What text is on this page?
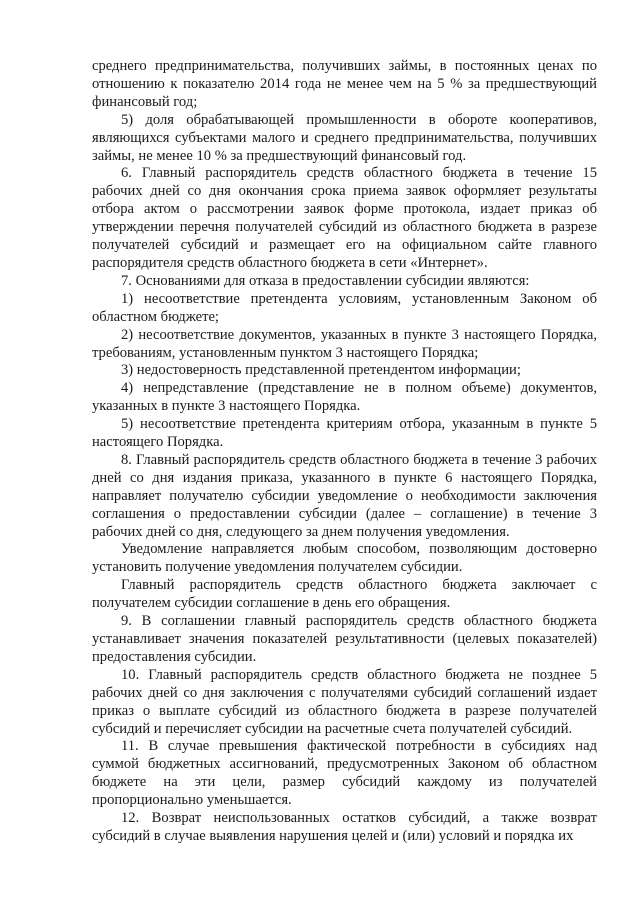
среднего предпринимательства, получивших займы, в постоянных ценах по отношению к показателю 2014 года не менее чем на 5 % за предшествующий финансовый год;

5) доля обрабатывающей промышленности в обороте кооперативов, являющихся субъектами малого и среднего предпринимательства, получивших займы, не менее 10 % за предшествующий финансовый год.

6. Главный распорядитель средств областного бюджета в течение 15 рабочих дней со дня окончания срока приема заявок оформляет результаты отбора актом о рассмотрении заявок форме протокола, издает приказ об утверждении перечня получателей субсидий из областного бюджета в разрезе получателей субсидий и размещает его на официальном сайте главного распорядителя средств областного бюджета в сети «Интернет».

7. Основаниями для отказа в предоставлении субсидии являются:

1) несоответствие претендента условиям, установленным Законом об областном бюджете;

2) несоответствие документов, указанных в пункте 3 настоящего Порядка, требованиям, установленным пунктом 3 настоящего Порядка;

3) недостоверность представленной претендентом информации;

4) непредставление (представление не в полном объеме) документов, указанных в пункте 3 настоящего Порядка.

5) несоответствие претендента критериям отбора, указанным в пункте 5 настоящего Порядка.

8. Главный распорядитель средств областного бюджета в течение 3 рабочих дней со дня издания приказа, указанного в пункте 6 настоящего Порядка, направляет получателю субсидии уведомление о необходимости заключения соглашения о предоставлении субсидии (далее – соглашение) в течение 3 рабочих дней со дня, следующего за днем получения уведомления.

Уведомление направляется любым способом, позволяющим достоверно установить получение уведомления получателем субсидии.

Главный распорядитель средств областного бюджета заключает с получателем субсидии соглашение в день его обращения.

9. В соглашении главный распорядитель средств областного бюджета устанавливает значения показателей результативности (целевых показателей) предоставления субсидии.

10. Главный распорядитель средств областного бюджета не позднее 5 рабочих дней со дня заключения с получателями субсидий соглашений издает приказ о выплате субсидий из областного бюджета в разрезе получателей субсидий и перечисляет субсидии на расчетные счета получателей субсидий.

11. В случае превышения фактической потребности в субсидиях над суммой бюджетных ассигнований, предусмотренных Законом об областном бюджете на эти цели, размер субсидий каждому из получателей пропорционально уменьшается.

12. Возврат неиспользованных остатков субсидий, а также возврат субсидий в случае выявления нарушения целей и (или) условий и порядка их
